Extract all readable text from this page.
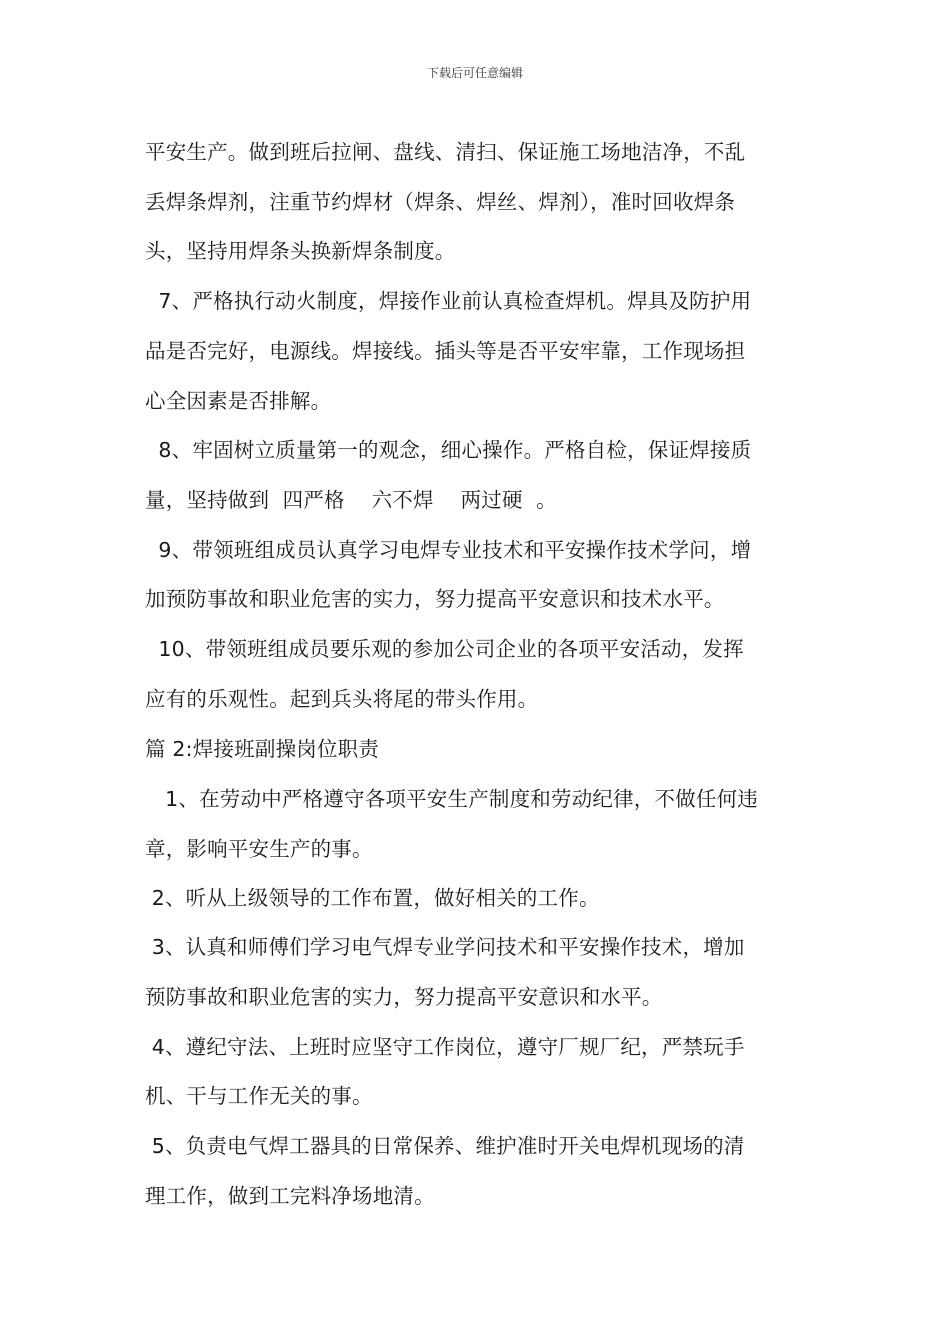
下载后可任意编辑
平安生产。做到班后拉闸、盘线、清扫、保证施工场地洁净，不乱
丢焊条焊剂，注重节约焊材（焊条、焊丝、焊剂），准时回收焊条
头，坚持用焊条头换新焊条制度。
7、严格执行动火制度，焊接作业前认真检查焊机。焊具及防护用
品是否完好，电源线。焊接线。插头等是否平安牢靠，工作现场担
心全因素是否排解。
8、牢固树立质量第一的观念，细心操作。严格自检，保证焊接质
量，坚持做到  四严格    六不焊    两过硬  。
9、带领班组成员认真学习电焊专业技术和平安操作技术学问，增
加预防事故和职业危害的实力，努力提高平安意识和技术水平。
10、带领班组成员要乐观的参加公司企业的各项平安活动，发挥
应有的乐观性。起到兵头将尾的带头作用。
篇 2:焊接班副操岗位职责
1、在劳动中严格遵守各项平安生产制度和劳动纪律，不做任何违
章，影响平安生产的事。
2、听从上级领导的工作布置，做好相关的工作。
3、认真和师傅们学习电气焊专业学问技术和平安操作技术，增加
预防事故和职业危害的实力，努力提高平安意识和水平。
4、遵纪守法、上班时应坚守工作岗位，遵守厂规厂纪，严禁玩手
机、干与工作无关的事。
5、负责电气焊工器具的日常保养、维护准时开关电焊机现场的清
理工作，做到工完料净场地清。
